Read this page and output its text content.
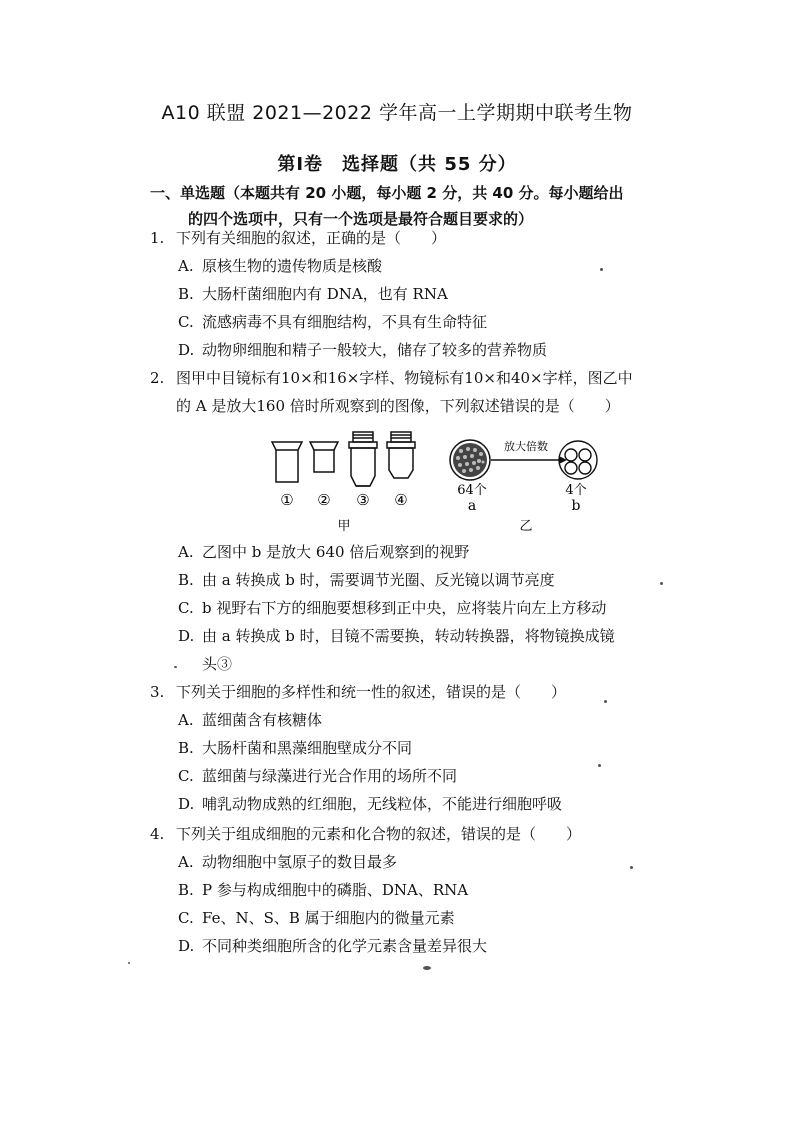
A10 联盟 2021—2022 学年高一上学期期中联考生物
第Ⅰ卷　选择题（共 55 分）
一、单选题（本题共有 20 小题，每小题 2 分，共 40 分。每小题给出
的四个选项中，只有一个选项是最符合题目要求的）
1. 下列有关细胞的叙述，正确的是（　　）
A. 原核生物的遗传物质是核酸
B. 大肠杆菌细胞内有 DNA，也有 RNA
C. 流感病毒不具有细胞结构，不具有生命特征
D. 动物卵细胞和精子一般较大，储存了较多的营养物质
2. 图甲中目镜标有10×和16×字样、物镜标有10×和40×字样，图乙中
的 A 是放大160 倍时所观察到的图像，下列叙述错误的是（　　）
① ② ③ ④
甲
放大倍数
64个
a
4个
b
乙
A. 乙图中 b 是放大 640 倍后观察到的视野
B. 由 a 转换成 b 时，需要调节光圈、反光镜以调节亮度
C. b 视野右下方的细胞要想移到正中央，应将装片向左上方移动
D. 由 a 转换成 b 时，目镜不需要换，转动转换器，将物镜换成镜
头③
3. 下列关于细胞的多样性和统一性的叙述，错误的是（　　）
A. 蓝细菌含有核糖体
B. 大肠杆菌和黑藻细胞壁成分不同
C. 蓝细菌与绿藻进行光合作用的场所不同
D. 哺乳动物成熟的红细胞，无线粒体，不能进行细胞呼吸
4. 下列关于组成细胞的元素和化合物的叙述，错误的是（　　）
A. 动物细胞中氢原子的数目最多
B. P 参与构成细胞中的磷脂、DNA、RNA
C. Fe、N、S、B 属于细胞内的微量元素
D. 不同种类细胞所含的化学元素含量差异很大
